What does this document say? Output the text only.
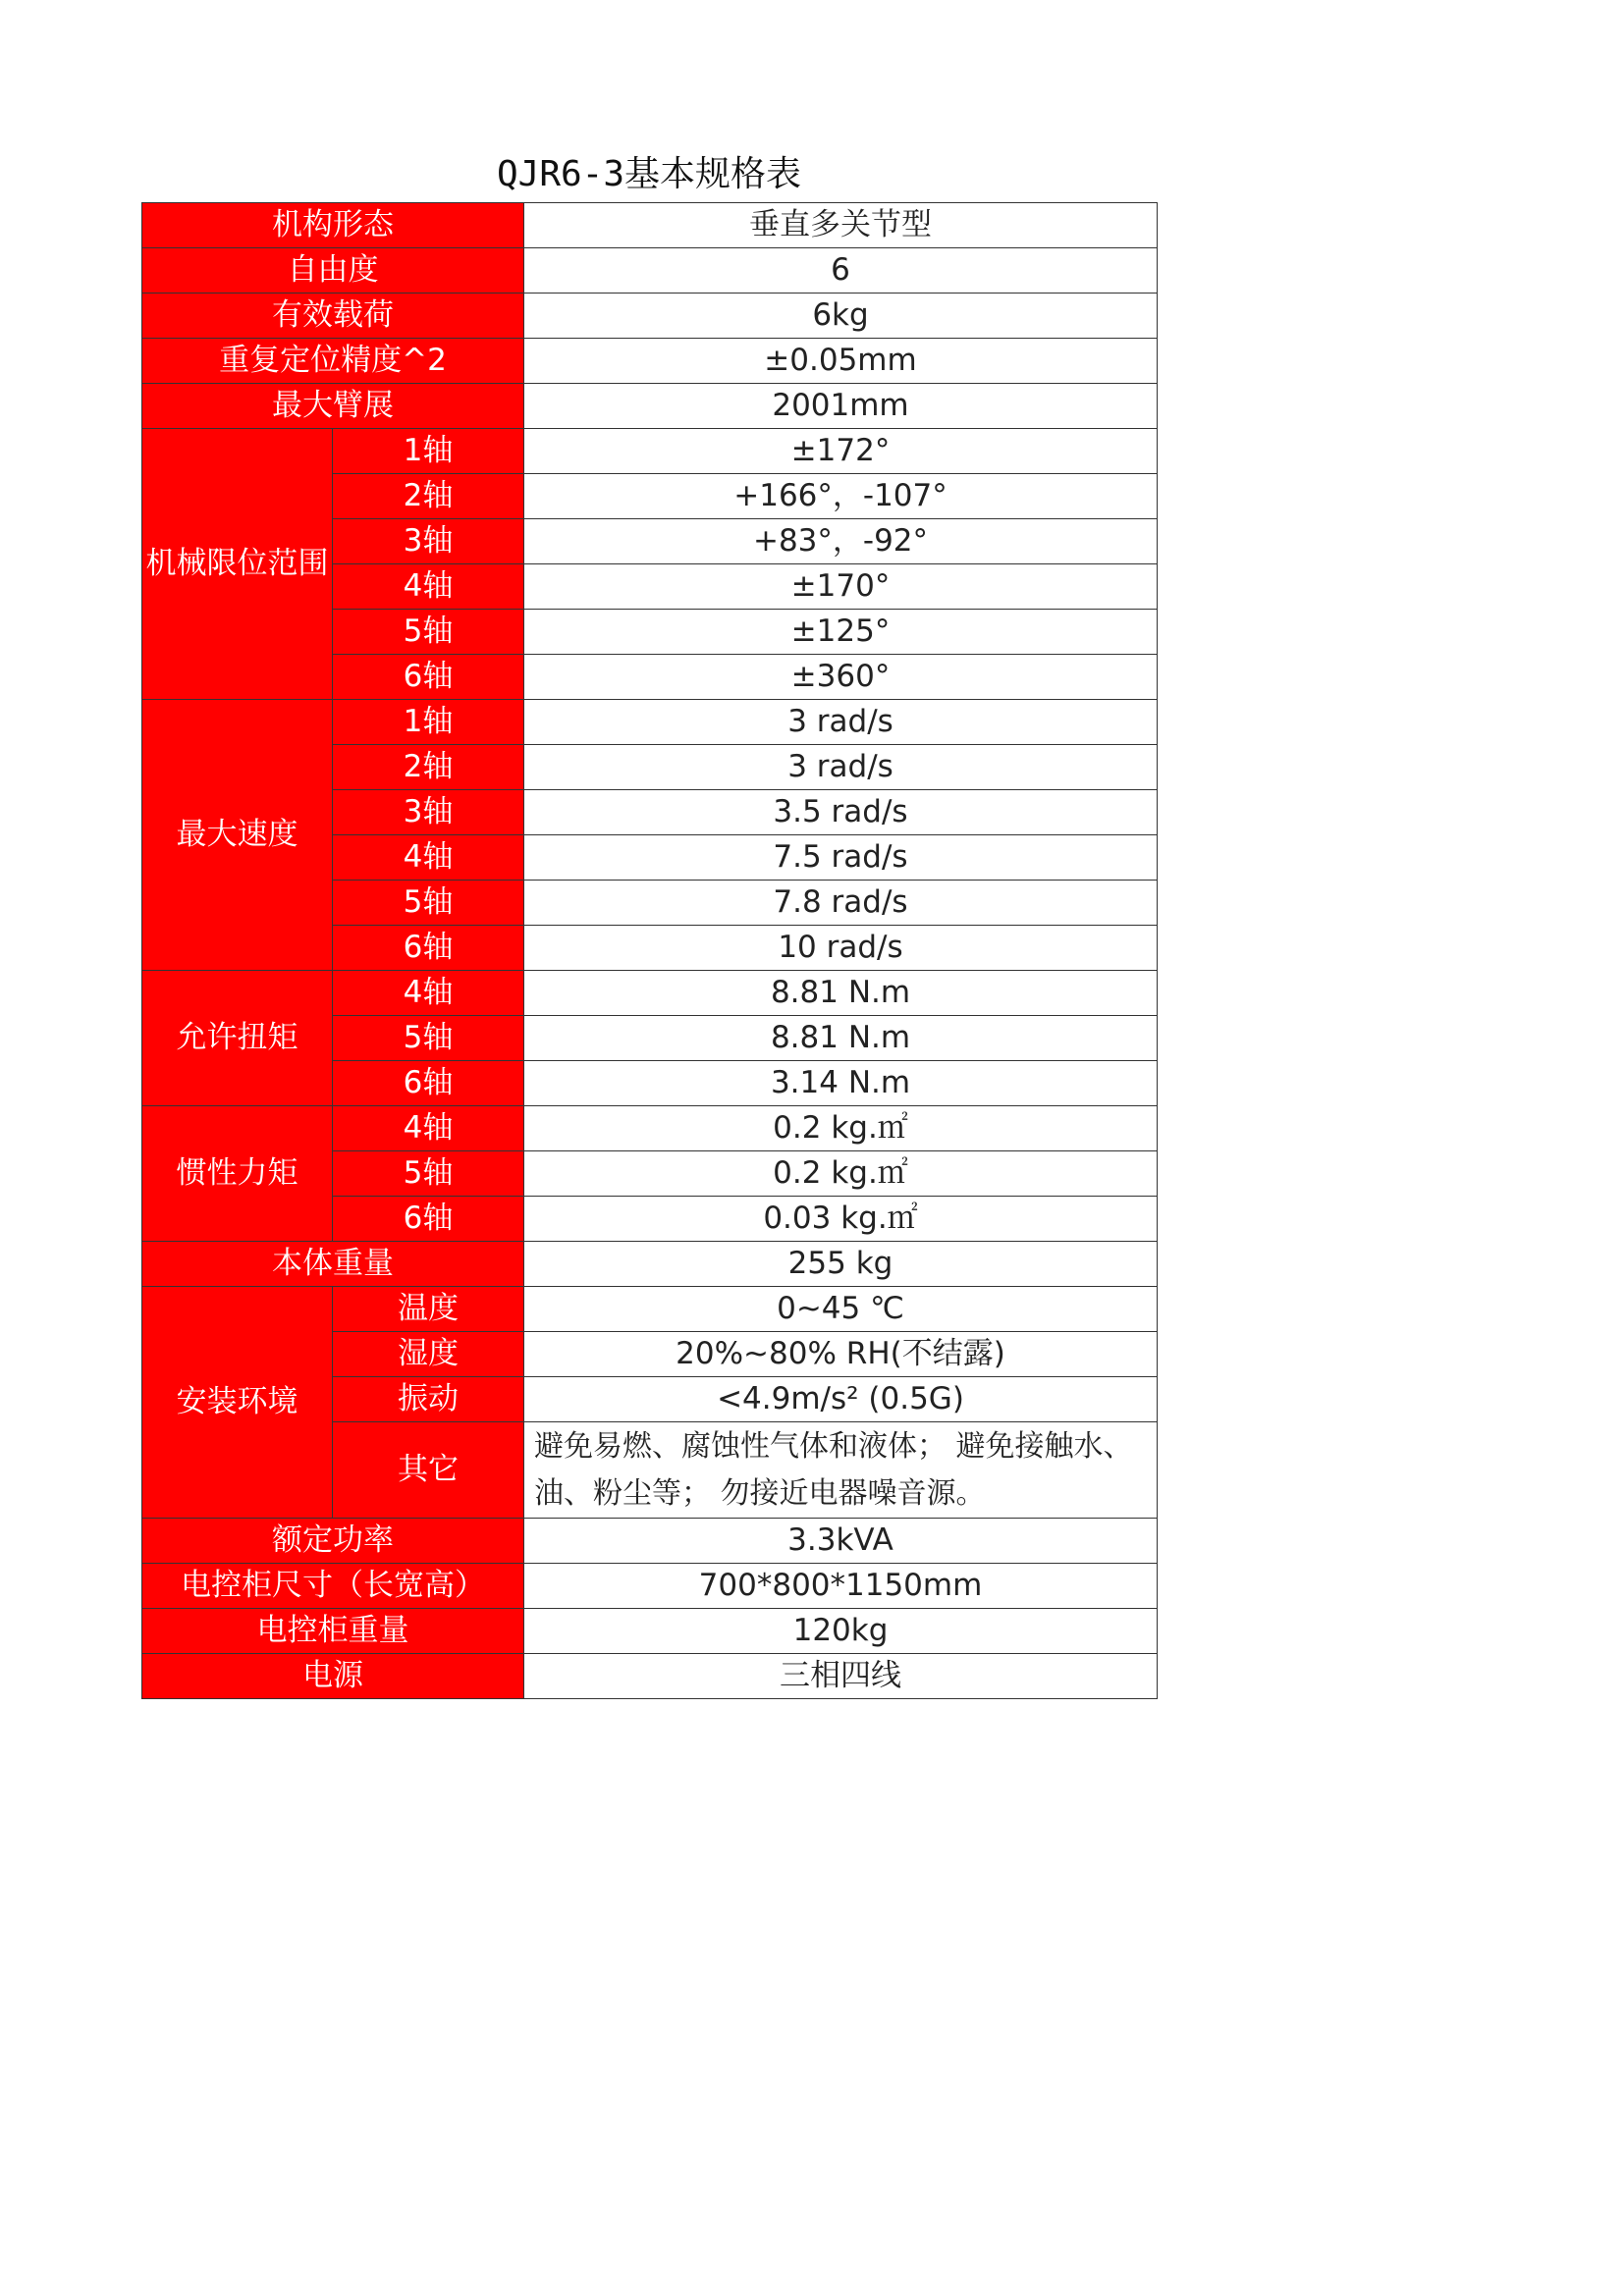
QJR6-3基本规格表
机构形态		垂直多关节型
自由度		6
有效载荷		6kg
重复定位精度^2		±0.05mm
最大臂展		2001mm
机械限位范围	1轴	±172°
	2轴	+166°，-107°
	3轴	+83°，-92°
	4轴	±170°
	5轴	±125°
	6轴	±360°
最大速度	1轴	3 rad/s
	2轴	3 rad/s
	3轴	3.5 rad/s
	4轴	7.5 rad/s
	5轴	7.8 rad/s
	6轴	10 rad/s
允许扭矩	4轴	8.81 N.m
	5轴	8.81 N.m
	6轴	3.14 N.m
惯性力矩	4轴	0.2 kg.㎡
	5轴	0.2 kg.㎡
	6轴	0.03 kg.㎡
本体重量		255 kg
安装环境	温度	0~45 ℃
	湿度	20%~80% RH(不结露)
	振动	<4.9m/s² (0.5G)
	其它	避免易燃、腐蚀性气体和液体； 避免接触水、油、粉尘等； 勿接近电器噪音源。
额定功率		3.3kVA
电控柜尺寸（长宽高）		700*800*1150mm
电控柜重量		120kg
电源		三相四线
